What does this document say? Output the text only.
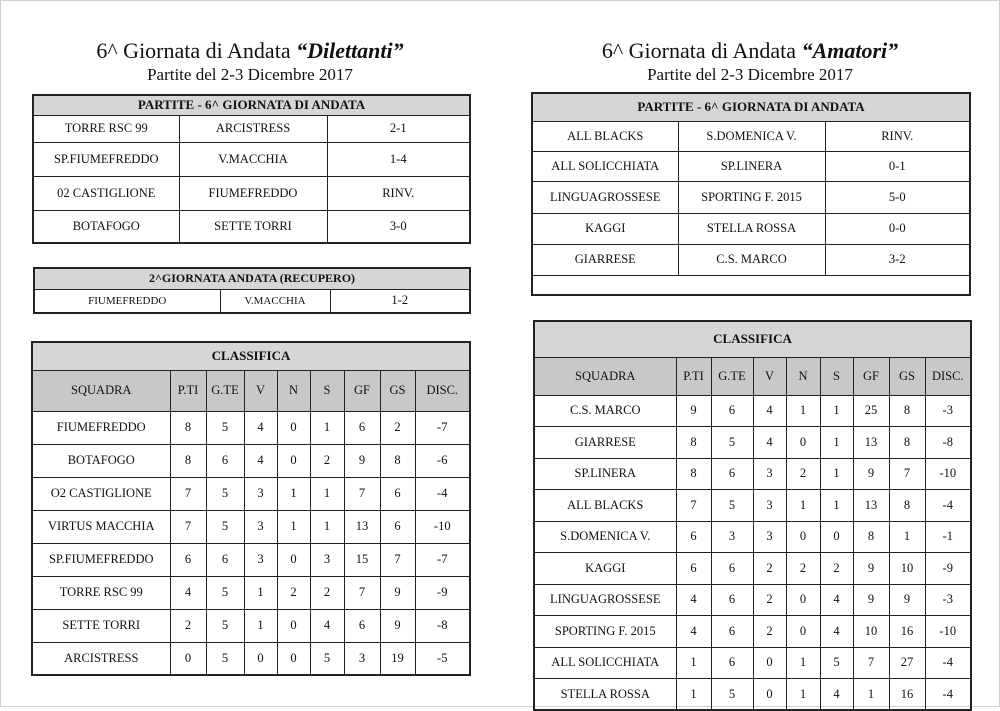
6^ Giornata di Andata “Dilettanti”
Partite del 2-3 Dicembre 2017
PARTITE - 6^ GIORNATA DI ANDATA		
TORRE RSC 99	ARCISTRESS	2-1
SP.FIUMEFREDDO	V.MACCHIA	1-4
02 CASTIGLIONE	FIUMEFREDDO	RINV.
BOTAFOGO	SETTE TORRI	3-0
2^GIORNATA ANDATA (RECUPERO)
FIUMEFREDDO	V.MACCHIA	1-2
CLASSIFICA								
SQUADRA	P.TI	G.TE	V	N	S	GF	GS	DISC.
FIUMEFREDDO	8	5	4	0	1	6	2	-7
BOTAFOGO	8	6	4	0	2	9	8	-6
O2 CASTIGLIONE	7	5	3	1	1	7	6	-4
VIRTUS MACCHIA	7	5	3	1	1	13	6	-10
SP.FIUMEFREDDO	6	6	3	0	3	15	7	-7
TORRE RSC 99	4	5	1	2	2	7	9	-9
SETTE TORRI	2	5	1	0	4	6	9	-8
ARCISTRESS	0	5	0	0	5	3	19	-5
6^ Giornata di Andata “Amatori”
Partite del 2-3 Dicembre 2017
PARTITE - 6^ GIORNATA DI ANDATA		
ALL BLACKS	S.DOMENICA V.	RINV.
ALL SOLICCHIATA	SP.LINERA	0-1
LINGUAGROSSESE	SPORTING F. 2015	5-0
KAGGI	STELLA ROSSA	0-0
GIARRESE	C.S. MARCO	3-2

CLASSIFICA								
SQUADRA	P.TI	G.TE	V	N	S	GF	GS	DISC.
C.S. MARCO	9	6	4	1	1	25	8	-3
GIARRESE	8	5	4	0	1	13	8	-8
SP.LINERA	8	6	3	2	1	9	7	-10
ALL BLACKS	7	5	3	1	1	13	8	-4
S.DOMENICA V.	6	3	3	0	0	8	1	-1
KAGGI	6	6	2	2	2	9	10	-9
LINGUAGROSSESE	4	6	2	0	4	9	9	-3
SPORTING F. 2015	4	6	2	0	4	10	16	-10
ALL SOLICCHIATA	1	6	0	1	5	7	27	-4
STELLA ROSSA	1	5	0	1	4	1	16	-4
